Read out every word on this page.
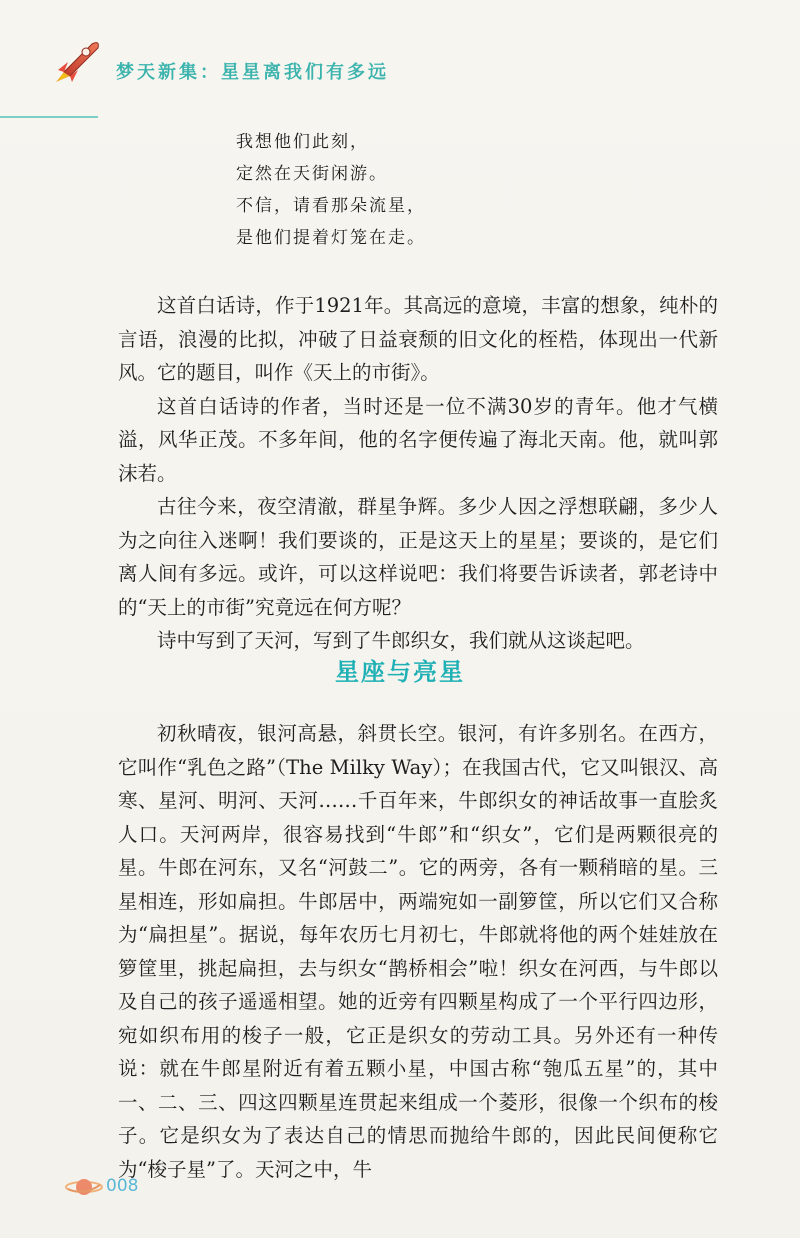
梦天新集：星星离我们有多远
我想他们此刻，
定然在天街闲游。
不信，请看那朵流星，
是他们提着灯笼在走。

这首白话诗，作于1921年。其高远的意境，丰富的想象，纯朴的言语，浪漫的比拟，冲破了日益衰颓的旧文化的桎梏，体现出一代新风。它的题目，叫作《天上的市街》。

这首白话诗的作者，当时还是一位不满30岁的青年。他才气横溢，风华正茂。不多年间，他的名字便传遍了海北天南。他，就叫郭沫若。

古往今来，夜空清澈，群星争辉。多少人因之浮想联翩，多少人为之向往入迷啊！我们要谈的，正是这天上的星星；要谈的，是它们离人间有多远。或许，可以这样说吧：我们将要告诉读者，郭老诗中的“天上的市街”究竟远在何方呢？

诗中写到了天河，写到了牛郎织女，我们就从这谈起吧。

星座与亮星

初秋晴夜，银河高悬，斜贯长空。银河，有许多别名。在西方，它叫作“乳色之路”（The Milky Way）；在我国古代，它又叫银汉、高寒、星河、明河、天河……千百年来，牛郎织女的神话故事一直脍炙人口。天河两岸，很容易找到“牛郎”和“织女”，它们是两颗很亮的星。牛郎在河东，又名“河鼓二”。它的两旁，各有一颗稍暗的星。三星相连，形如扁担。牛郎居中，两端宛如一副箩筐，所以它们又合称为“扁担星”。据说，每年农历七月初七，牛郎就将他的两个娃娃放在箩筐里，挑起扁担，去与织女“鹊桥相会”啦！织女在河西，与牛郎以及自己的孩子遥遥相望。她的近旁有四颗星构成了一个平行四边形，宛如织布用的梭子一般，它正是织女的劳动工具。另外还有一种传说：就在牛郎星附近有着五颗小星，中国古称“匏瓜五星”的，其中一、二、三、四这四颗星连贯起来组成一个菱形，很像一个织布的梭子。它是织女为了表达自己的情思而抛给牛郎的，因此民间便称它为“梭子星”了。天河之中，牛

008
